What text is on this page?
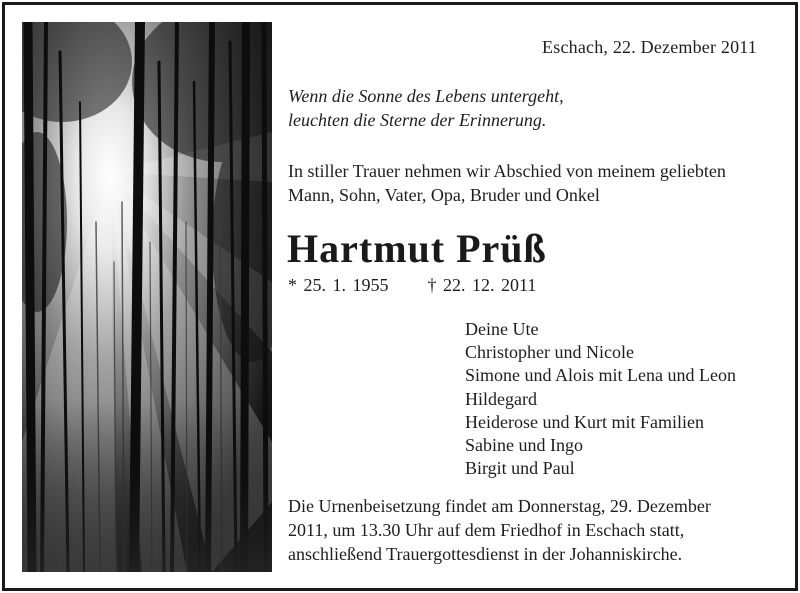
Eschach, 22. Dezember 2011
Wenn die Sonne des Lebens untergeht,
leuchten die Sterne der Erinnerung.
In stiller Trauer nehmen wir Abschied von meinem geliebten
Mann, Sohn, Vater, Opa, Bruder und Onkel
Hartmut Prüß
* 25. 1. 1955 † 22. 12. 2011
Deine Ute
Christopher und Nicole
Simone und Alois mit Lena und Leon
Hildegard
Heiderose und Kurt mit Familien
Sabine und Ingo
Birgit und Paul
Die Urnenbeisetzung findet am Donnerstag, 29. Dezember
2011, um 13.30 Uhr auf dem Friedhof in Eschach statt,
anschließend Trauergottesdienst in der Johanniskirche.
